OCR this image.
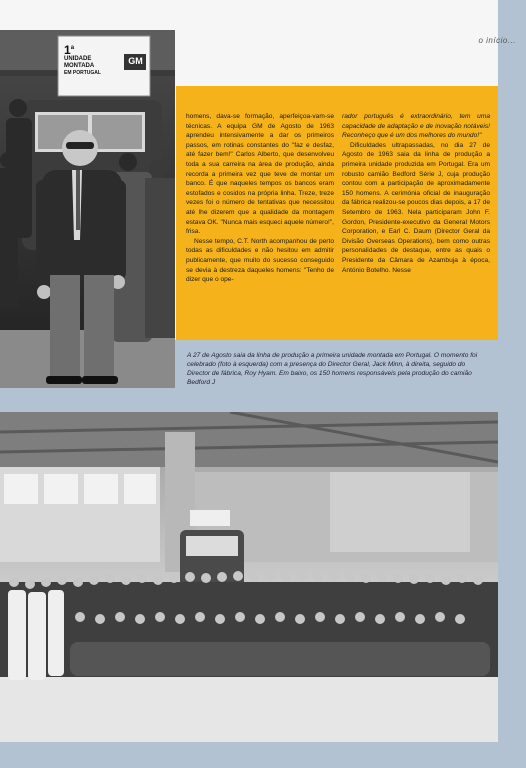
o início...
1$^a$
UNIDADE
MONTADA
EM PORTUGAL
GM

homens, dava-se formação, aperfeiçoa-vam-se técnicas. A equipa GM de Agosto de 1963 aprendeu intensivamente a dar os primeiros passos, em rotinas constantes do "faz e desfaz, até fazer bem!" Carlos Alberto, que desenvolveu toda a sua carreira na área de produção, ainda recorda a primeira vez que teve de montar um banco. É que naqueles tempos os bancos eram estofados e cosidos na própria linha. Treze, treze vezes foi o número de tentativas que necessitou até lhe dizerem que a qualidade da montagem estava OK. "Nunca mais esqueci aquele número!", frisa.

Nesse tempo, C.T. North acompanhou de perto todas as dificuldades e não hesitou em admitir publicamente, que muito do sucesso conseguido se devia à destreza daqueles homens: "Tenho de dizer que o ope-

rador português é extraordinário, tem uma capacidade de adaptação e de inovação notáveis! Reconheço que é um dos melhores do mundo!"

Dificuldades ultrapassadas, no dia 27 de Agosto de 1963 saia da linha de produção a primeira unidade produzida em Portugal. Era um robusto camião Bedford Série J, cuja produção contou com a participação de aproximadamente 150 homens. A cerimónia oficial de inauguração da fábrica realizou-se poucos dias depois, a 17 de Setembro de 1963. Nela participaram John F. Gordon, Presidente-executivo da General Motors Corporation, e Earl C. Daum (Director Geral da Divisão Overseas Operations), bem como outras personalidades de destaque, entre as quais o Presidente da Câmara de Azambuja à época, António Botelho. Nesse

A 27 de Agosto saia da linha de produção a primeira unidade montada em Portugal. O momento foi celebrado (foto à esquerda) com a presença do Director Geral, Jack Minn, à direita, seguido do Director de fábrica, Roy Hyam. Em baixo, os 150 homens responsáveis pela produção do camião Bedford J
